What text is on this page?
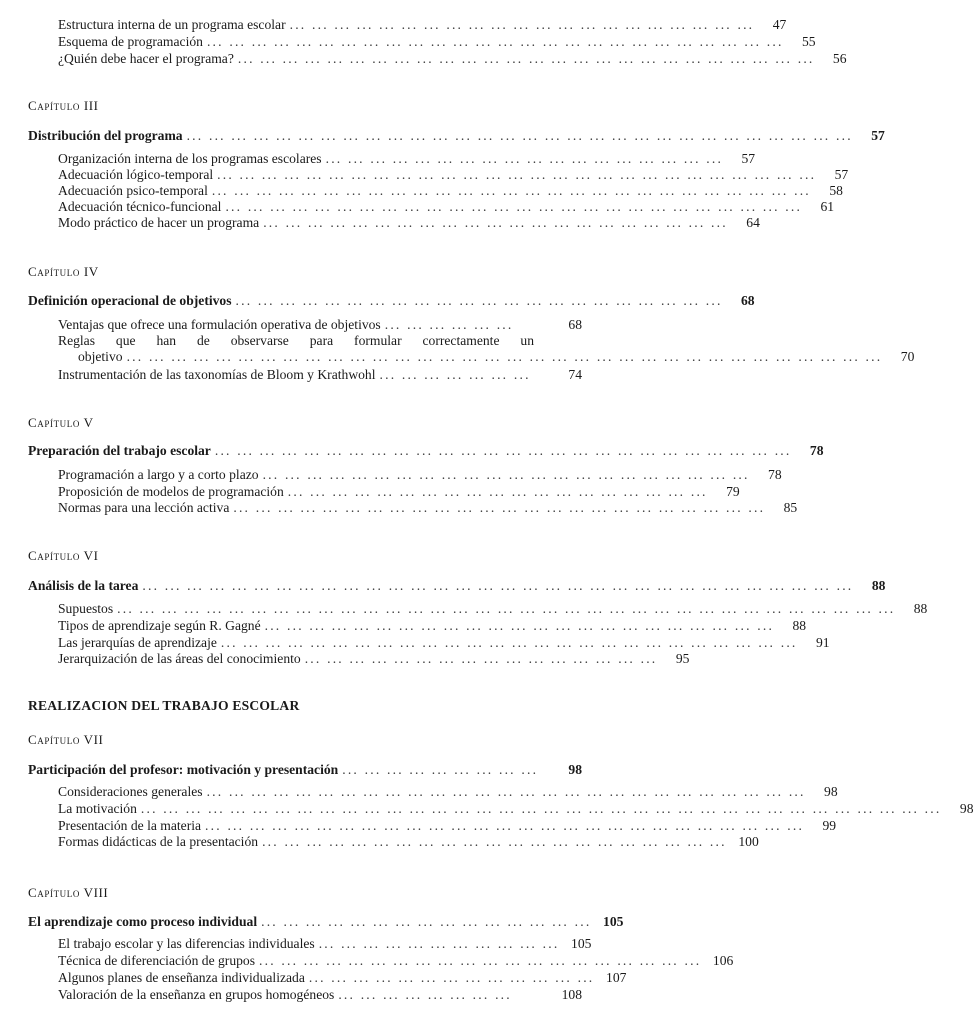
Estructura interna de un programa escolar ... ... ... ... ... ... ... ... ... ... ... ... ... ... ... ... ... ... ... ... ...	47
Esquema de programación ... ... ... ... ... ... ... ... ... ... ... ... ... ... ... ... ... ... ... ... ... ... ... ... ... ...	55
¿Quién debe hacer el programa? ... ... ... ... ... ... ... ... ... ... ... ... ... ... ... ... ... ... ... ... ... ... ... ... ... ...	56
Capítulo III
Distribución del programa ... ... ... ... ... ... ... ... ... ... ... ... ... ... ... ... ... ... ... ... ... ... ... ... ... ... ... ... ... ...	57
Organización interna de los programas escolares ... ... ... ... ... ... ... ... ... ... ... ... ... ... ... ... ... ...	57
Adecuación lógico-temporal ... ... ... ... ... ... ... ... ... ... ... ... ... ... ... ... ... ... ... ... ... ... ... ... ... ... ...	57
Adecuación psico-temporal ... ... ... ... ... ... ... ... ... ... ... ... ... ... ... ... ... ... ... ... ... ... ... ... ... ... ...	58
Adecuación técnico-funcional ... ... ... ... ... ... ... ... ... ... ... ... ... ... ... ... ... ... ... ... ... ... ... ... ... ...	61
Modo práctico de hacer un programa ... ... ... ... ... ... ... ... ... ... ... ... ... ... ... ... ... ... ... ... ...	64
Capítulo IV
Definición operacional de objetivos ... ... ... ... ... ... ... ... ... ... ... ... ... ... ... ... ... ... ... ... ... ...	68
Ventajas que ofrece una formulación operativa de objetivos ... ... ... ... ... ...	68
Reglas que han de observarse para formular correctamente un
objetivo ... ... ... ... ... ... ... ... ... ... ... ... ... ... ... ... ... ... ... ... ... ... ... ... ... ... ... ... ... ... ... ... ... ...	70
Instrumentación de las taxonomías de Bloom y Krathwohl ... ... ... ... ... ... ...	74
Capítulo V
Preparación del trabajo escolar ... ... ... ... ... ... ... ... ... ... ... ... ... ... ... ... ... ... ... ... ... ... ... ... ... ...	78
Programación a largo y a corto plazo ... ... ... ... ... ... ... ... ... ... ... ... ... ... ... ... ... ... ... ... ... ...	78
Proposición de modelos de programación ... ... ... ... ... ... ... ... ... ... ... ... ... ... ... ... ... ... ...	79
Normas para una lección activa ... ... ... ... ... ... ... ... ... ... ... ... ... ... ... ... ... ... ... ... ... ... ... ...	85
Capítulo VI
Análisis de la tarea ... ... ... ... ... ... ... ... ... ... ... ... ... ... ... ... ... ... ... ... ... ... ... ... ... ... ... ... ... ... ... ...	88
Supuestos ... ... ... ... ... ... ... ... ... ... ... ... ... ... ... ... ... ... ... ... ... ... ... ... ... ... ... ... ... ... ... ... ... ... ...	88
Tipos de aprendizaje según R. Gagné ... ... ... ... ... ... ... ... ... ... ... ... ... ... ... ... ... ... ... ... ... ... ...	88
Las jerarquías de aprendizaje ... ... ... ... ... ... ... ... ... ... ... ... ... ... ... ... ... ... ... ... ... ... ... ... ... ...	91
Jerarquización de las áreas del conocimiento ... ... ... ... ... ... ... ... ... ... ... ... ... ... ... ...	95
REALIZACION DEL TRABAJO ESCOLAR
Capítulo VII
Participación del profesor: motivación y presentación ... ... ... ... ... ... ... ... ...	98
Consideraciones generales ... ... ... ... ... ... ... ... ... ... ... ... ... ... ... ... ... ... ... ... ... ... ... ... ... ... ...	98
La motivación ... ... ... ... ... ... ... ... ... ... ... ... ... ... ... ... ... ... ... ... ... ... ... ... ... ... ... ... ... ... ... ... ... ... ... ...	98
Presentación de la materia ... ... ... ... ... ... ... ... ... ... ... ... ... ... ... ... ... ... ... ... ... ... ... ... ... ... ...	99
Formas didácticas de la presentación ... ... ... ... ... ... ... ... ... ... ... ... ... ... ... ... ... ... ... ... ... 100
Capítulo VIII
El aprendizaje como proceso individual ... ... ... ... ... ... ... ... ... ... ... ... ... ... ... 105
El trabajo escolar y las diferencias individuales ... ... ... ... ... ... ... ... ... ... ... 105
Técnica de diferenciación de grupos ... ... ... ... ... ... ... ... ... ... ... ... ... ... ... ... ... ... ... ... 106
Algunos planes de enseñanza individualizada ... ... ... ... ... ... ... ... ... ... ... ... ... 107
Valoración de la enseñanza en grupos homogéneos ... ... ... ... ... ... ... ...	108
